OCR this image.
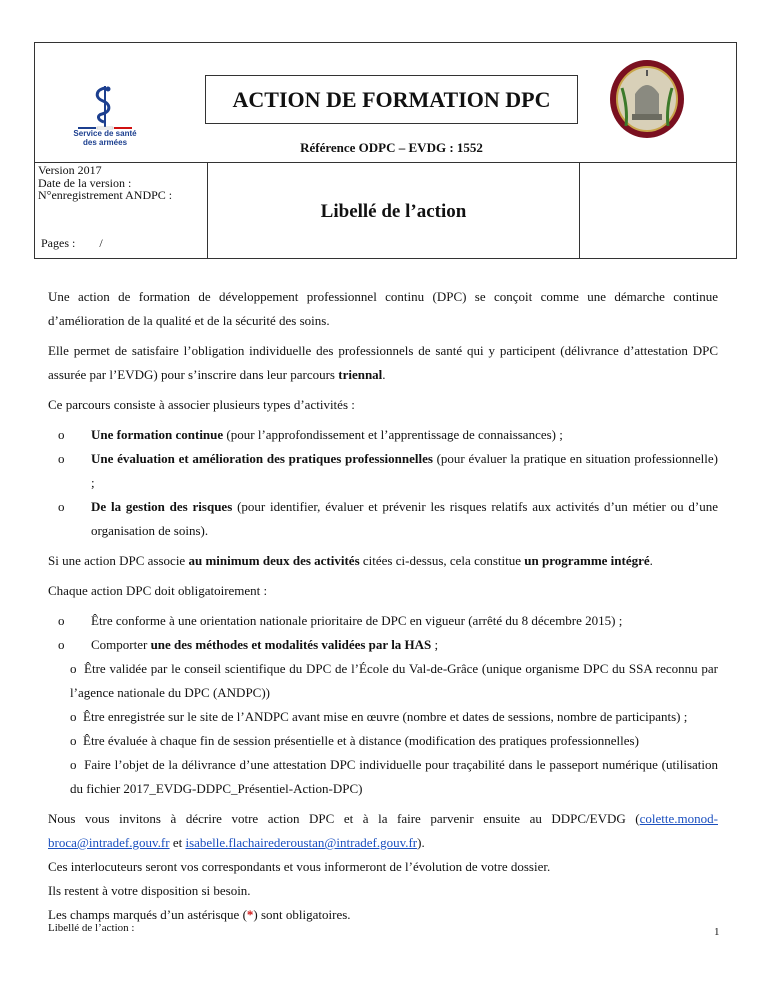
Service de santé
des armées
ACTION DE FORMATION DPC
Référence ODPC – EVDG : 1552
Version 2017
Date de la version :
N°enregistrement ANDPC :
Pages : /
Libellé de l’action

Une action de formation de développement professionnel continu (DPC) se conçoit comme une démarche continue d’amélioration de la qualité et de la sécurité des soins.

Elle permet de satisfaire l’obligation individuelle des professionnels de santé qui y participent (délivrance d’attestation DPC assurée par l’EVDG) pour s’inscrire dans leur parcours triennal.

Ce parcours consiste à associer plusieurs types d’activités :

o Une formation continue (pour l’approfondissement et l’apprentissage de connaissances) ;
o Une évaluation et amélioration des pratiques professionnelles (pour évaluer la pratique en situation professionnelle) ;
o De la gestion des risques (pour identifier, évaluer et prévenir les risques relatifs aux activités d’un métier ou d’une organisation de soins).

Si une action DPC associe au minimum deux des activités citées ci-dessus, cela constitue un programme intégré.

Chaque action DPC doit obligatoirement :

o Être conforme à une orientation nationale prioritaire de DPC en vigueur (arrêté du 8 décembre 2015) ;
o Comporter une des méthodes et modalités validées par la HAS ;
o Être validée par le conseil scientifique du DPC de l’École du Val-de-Grâce (unique organisme DPC du SSA reconnu par l’agence nationale du DPC (ANDPC))
o Être enregistrée sur le site de l’ANDPC avant mise en œuvre (nombre et dates de sessions, nombre de participants) ;
o Être évaluée à chaque fin de session présentielle et à distance (modification des pratiques professionnelles)
o Faire l’objet de la délivrance d’une attestation DPC individuelle pour traçabilité dans le passeport numérique (utilisation du fichier 2017_EVDG-DDPC_Présentiel-Action-DPC)

Nous vous invitons à décrire votre action DPC et à la faire parvenir ensuite au DDPC/EVDG (colette.monod-broca@intradef.gouv.fr et isabelle.flachairederoustan@intradef.gouv.fr).

Ces interlocuteurs seront vos correspondants et vous informeront de l’évolution de votre dossier.

Ils restent à votre disposition si besoin.

Les champs marqués d’un astérisque (*) sont obligatoires.

Libellé de l’action :	1
